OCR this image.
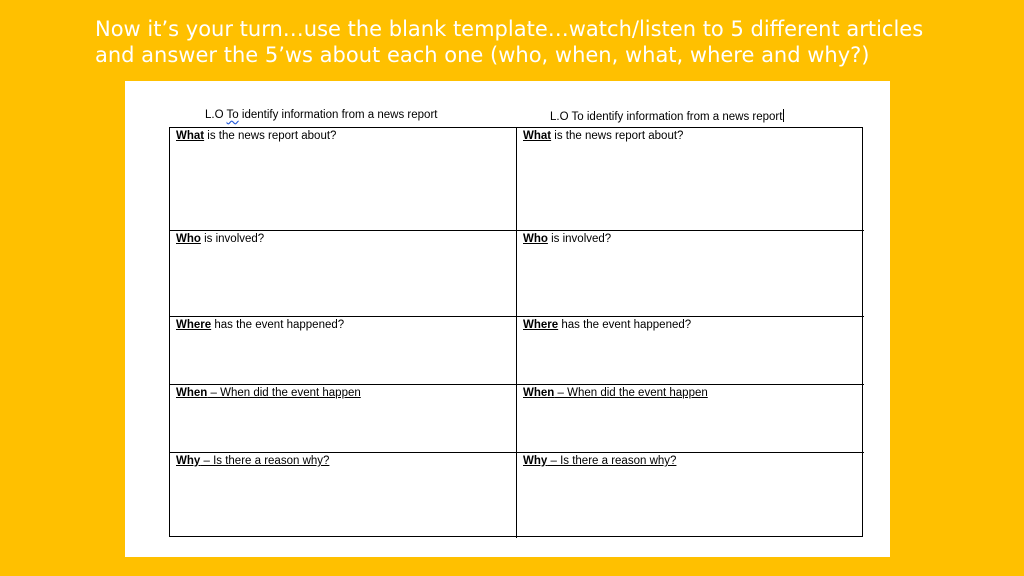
Now it’s your turn…use the blank template…watch/listen to 5 different articles
and answer the 5’ws about each one (who, when, what, where and why?)
L.O To identify information from a news report	L.O To identify information from a news report
What is the news report about?	What is the news report about?
Who is involved?	Who is involved?
Where has the event happened?	Where has the event happened?
When – When did the event happen	When – When did the event happen
Why – Is there a reason why?	Why – Is there a reason why?
